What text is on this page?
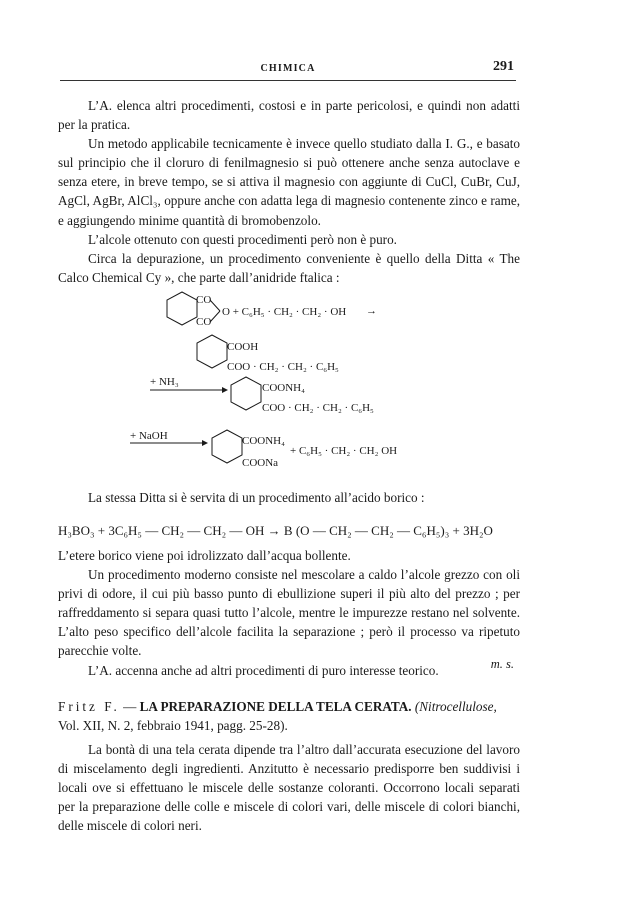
CHIMICA	291

L’A. elenca altri procedimenti, costosi e in parte pericolosi, e quindi non adatti per la pratica.

Un metodo applicabile tecnicamente è invece quello studiato dalla I. G., e basato sul principio che il cloruro di fenilmagnesio si può ottenere anche senza autoclave e senza etere, in breve tempo, se si attiva il magnesio con aggiunte di CuCl, CuBr, CuJ, AgCl, AgBr, AlCl₃, oppure anche con adatta lega di magnesio contenente zinco e rame, e aggiungendo minime quantità di bromobenzolo.

L’alcole ottenuto con questi procedimenti però non è puro.

Circa la depurazione, un procedimento conveniente è quello della Ditta « The Calco Chemical Cy », che parte dall’anidride ftalica :

CO
CO
O + C₆H₅ · CH₂ · CH₂ · OH →
COOH
COO · CH₂ · CH₂ · C₆H₅
+ NH₃	COONH₄
COO · CH₂ · CH₂ · C₆H₅
+ NaOH	COONH₄
COONa
+ C₆H₅ · CH₂ · CH₂ OH

La stessa Ditta si è servita di un procedimento all’acido borico :

H₃BO₃ + 3C₆H₅ — CH₂ — CH₂ — OH → B (O — CH₂ — CH₂ — C₆H₅)₃ + 3H₂O

L’etere borico viene poi idrolizzato dall’acqua bollente.

Un procedimento moderno consiste nel mescolare a caldo l’alcole grezzo con oli privi di odore, il cui più basso punto di ebullizione superi il più alto del prezzo ; per raffreddamento si separa quasi tutto l’alcole, mentre le impurezze restano nel solvente. L’alto peso specifico dell’alcole facilita la separazione ; però il processo va ripetuto parecchie volte.

L’A. accenna anche ad altri procedimenti di puro interesse teorico.	m. s.
Fritz F. — LA PREPARAZIONE DELLA TELA CERATA. (Nitrocellulose,
Vol. XII, N. 2, febbraio 1941, pagg. 25-28).

La bontà di una tela cerata dipende tra l’altro dall’accurata esecuzione del lavoro di miscelamento degli ingredienti. Anzitutto è necessario predisporre ben suddivisi i locali ove si effettuano le miscele delle sostanze coloranti. Occorrono locali separati per la preparazione delle colle e miscele di colori vari, delle miscele di colori bianchi, delle miscele di colori neri.
